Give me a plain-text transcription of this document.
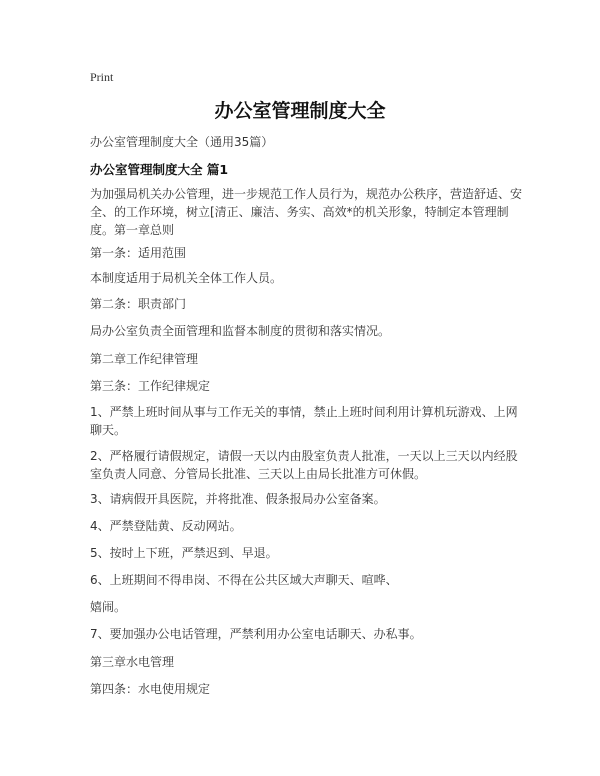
Print
办公室管理制度大全
办公室管理制度大全（通用35篇）
办公室管理制度大全 篇1
为加强局机关办公管理，进一步规范工作人员行为，规范办公秩序，营造舒适、安全、的工作环境，树立[清正、廉洁、务实、高效*的机关形象，特制定本管理制度。第一章总则
第一条：适用范围
本制度适用于局机关全体工作人员。
第二条：职责部门
局办公室负责全面管理和监督本制度的贯彻和落实情况。
第二章工作纪律管理
第三条：工作纪律规定
1、严禁上班时间从事与工作无关的事情，禁止上班时间利用计算机玩游戏、上网聊天。
2、严格履行请假规定，请假一天以内由股室负责人批准，一天以上三天以内经股室负责人同意、分管局长批准、三天以上由局长批准方可休假。
3、请病假开具医院，并将批准、假条报局办公室备案。
4、严禁登陆黄、反动网站。
5、按时上下班，严禁迟到、早退。
6、上班期间不得串岗、不得在公共区域大声聊天、喧哗、
嬉闹。
7、要加强办公电话管理，严禁利用办公室电话聊天、办私事。
第三章水电管理
第四条：水电使用规定
